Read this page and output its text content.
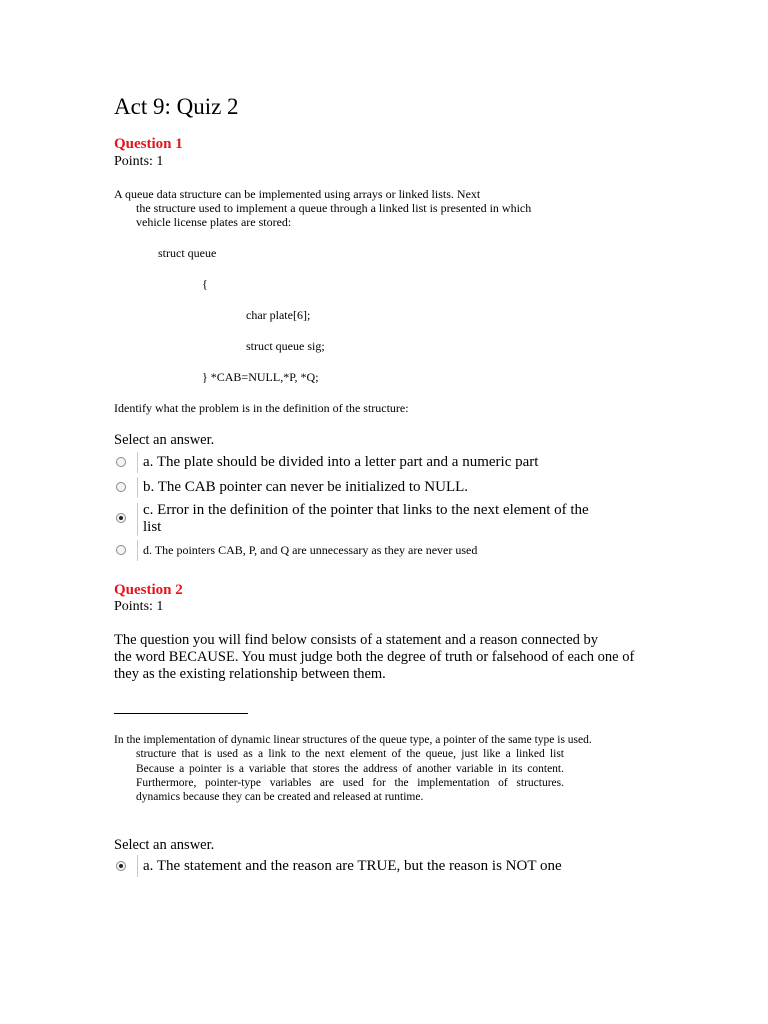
Act 9: Quiz 2
Question 1
Points: 1
A queue data structure can be implemented using arrays or linked lists. Next
the structure used to implement a queue through a linked list is presented in which
vehicle license plates are stored:
struct queue
{
char plate[6];
struct queue sig;
} *CAB=NULL,*P, *Q;
Identify what the problem is in the definition of the structure:
Select an answer.
a. The plate should be divided into a letter part and a numeric part
b. The CAB pointer can never be initialized to NULL.
c. Error in the definition of the pointer that links to the next element of the
list
d. The pointers CAB, P, and Q are unnecessary as they are never used
Question 2
Points: 1
The question you will find below consists of a statement and a reason connected by
the word BECAUSE. You must judge both the degree of truth or falsehood of each one of
they as the existing relationship between them.
In the implementation of dynamic linear structures of the queue type, a pointer of the same type is used.
structure that is used as a link to the next element of the queue, just like a linked list
Because a pointer is a variable that stores the address of another variable in its content.
Furthermore, pointer-type variables are used for the implementation of structures.
dynamics because they can be created and released at runtime.
Select an answer.
a. The statement and the reason are TRUE, but the reason is NOT one
